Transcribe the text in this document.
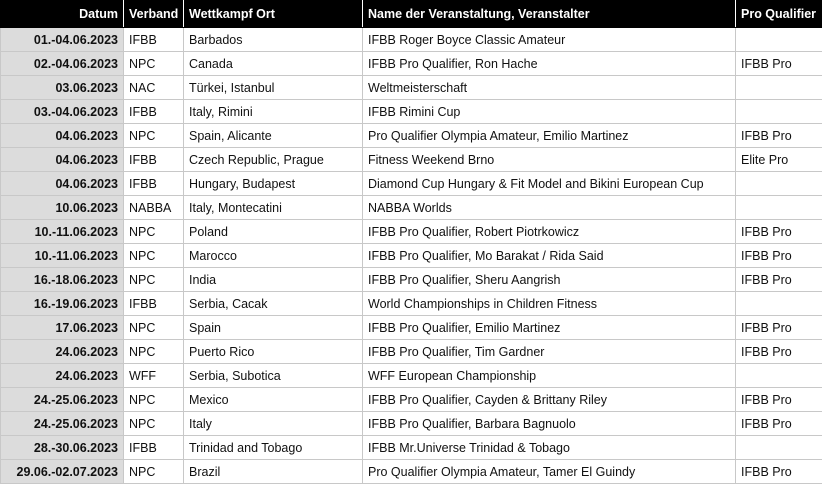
Datum	Verband	Wettkampf Ort	Name der Veranstaltung, Veranstalter	Pro Qualifier
01.-04.06.2023	IFBB	Barbados	IFBB Roger Boyce Classic Amateur	
02.-04.06.2023	NPC	Canada	IFBB Pro Qualifier, Ron Hache	IFBB Pro
03.06.2023	NAC	Türkei, Istanbul	Weltmeisterschaft	
03.-04.06.2023	IFBB	Italy, Rimini	IFBB Rimini Cup	
04.06.2023	NPC	Spain, Alicante	Pro Qualifier Olympia Amateur, Emilio Martinez	IFBB Pro
04.06.2023	IFBB	Czech Republic, Prague	Fitness Weekend Brno	Elite Pro
04.06.2023	IFBB	Hungary, Budapest	Diamond Cup Hungary & Fit Model and Bikini European Cup	
10.06.2023	NABBA	Italy, Montecatini	NABBA Worlds	
10.-11.06.2023	NPC	Poland	IFBB Pro Qualifier, Robert Piotrkowicz	IFBB Pro
10.-11.06.2023	NPC	Marocco	IFBB Pro Qualifier, Mo Barakat / Rida Said	IFBB Pro
16.-18.06.2023	NPC	India	IFBB Pro Qualifier, Sheru Aangrish	IFBB Pro
16.-19.06.2023	IFBB	Serbia, Cacak	World Championships in Children Fitness	
17.06.2023	NPC	Spain	IFBB Pro Qualifier, Emilio Martinez	IFBB Pro
24.06.2023	NPC	Puerto Rico	IFBB Pro Qualifier, Tim Gardner	IFBB Pro
24.06.2023	WFF	Serbia, Subotica	WFF European Championship	
24.-25.06.2023	NPC	Mexico	IFBB Pro Qualifier, Cayden & Brittany Riley	IFBB Pro
24.-25.06.2023	NPC	Italy	IFBB Pro Qualifier, Barbara Bagnuolo	IFBB Pro
28.-30.06.2023	IFBB	Trinidad and Tobago	IFBB Mr.Universe Trinidad & Tobago	
29.06.-02.07.2023	NPC	Brazil	Pro Qualifier Olympia Amateur, Tamer El Guindy	IFBB Pro
